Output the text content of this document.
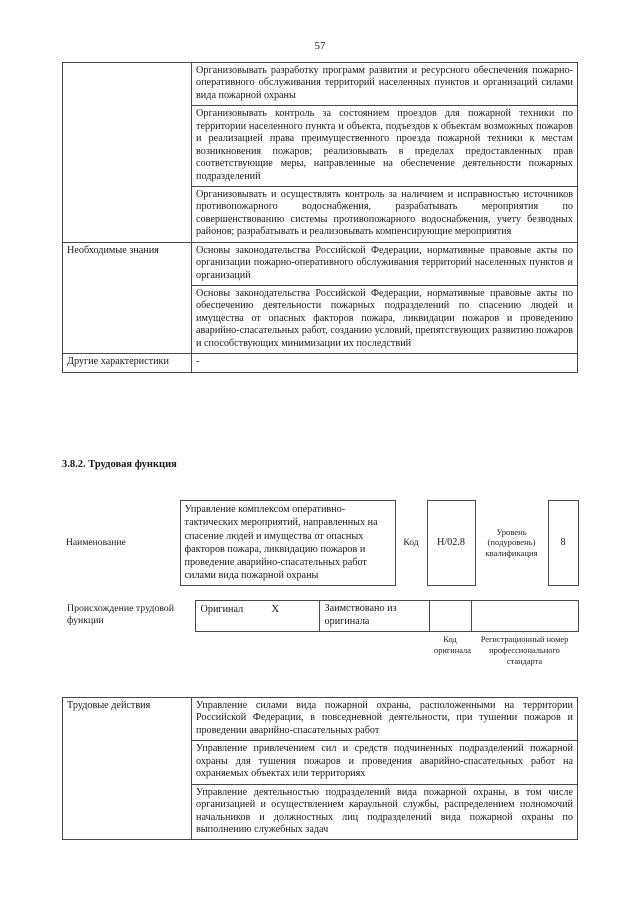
57
	Организовывать разработку программ развития и ресурсного обеспечения пожарно-оперативного обслуживания территорий населенных пунктов и организаций силами вида пожарной охраны
	Организовывать контроль за состоянием проездов для пожарной техники по территории населенного пункта и объекта, подъездов к объектам возможных пожаров и реализацией права преимущественного проезда пожарной техники к местам возникновения пожаров; реализовывать в пределах предоставленных прав соответствующие меры, направленные на обеспечение деятельности пожарных подразделений
	Организовывать и осуществлять контроль за наличием и исправностью источников противопожарного водоснабжения, разрабатывать мероприятия по совершенствованию системы противопожарного водоснабжения, учету безводных районов; разрабатывать и реализовывать компенсирующие мероприятия
Необходимые знания	Основы законодательства Российской Федерации, нормативные правовые акты по организации пожарно-оперативного обслуживания территорий населенных пунктов и организаций
	Основы законодательства Российской Федерации, нормативные правовые акты по обеспечению деятельности пожарных подразделений по спасению людей и имущества от опасных факторов пожара, ликвидации пожаров и проведению аварийно-спасательных работ, созданию условий, препятствующих развитию пожаров и способствующих минимизации их последствий
Другие характеристики	-
3.8.2. Трудовая функция
Наименование	Управление комплексом оперативно-тактических мероприятий, направленных на спасение людей и имущества от опасных факторов пожара, ликвидацию пожаров и проведение аварийно-спасательных работ силами вида пожарной охраны	Код	Н/02.8	Уровень (подуровень) квалификация	8
Происхождение трудовой функции	Оригинал X	Заимствовано из оригинала		
			Код оригинала	Регистрационный номер профессионального стандарта
Трудовые действия	Управление силами вида пожарной охраны, расположенными на территории Российской Федерации, в повседневной деятельности, при тушении пожаров и проведении аварийно-спасательных работ
Управление привлечением сил и средств подчиненных подразделений пожарной охраны для тушения пожаров и проведения аварийно-спасательных работ на охраняемых объектах или территориях
Управление деятельностью подразделений вида пожарной охраны, в том числе организацией и осуществлением караульной службы, распределением полномочий начальников и должностных лиц подразделений вида пожарной охраны по выполнению служебных задач
